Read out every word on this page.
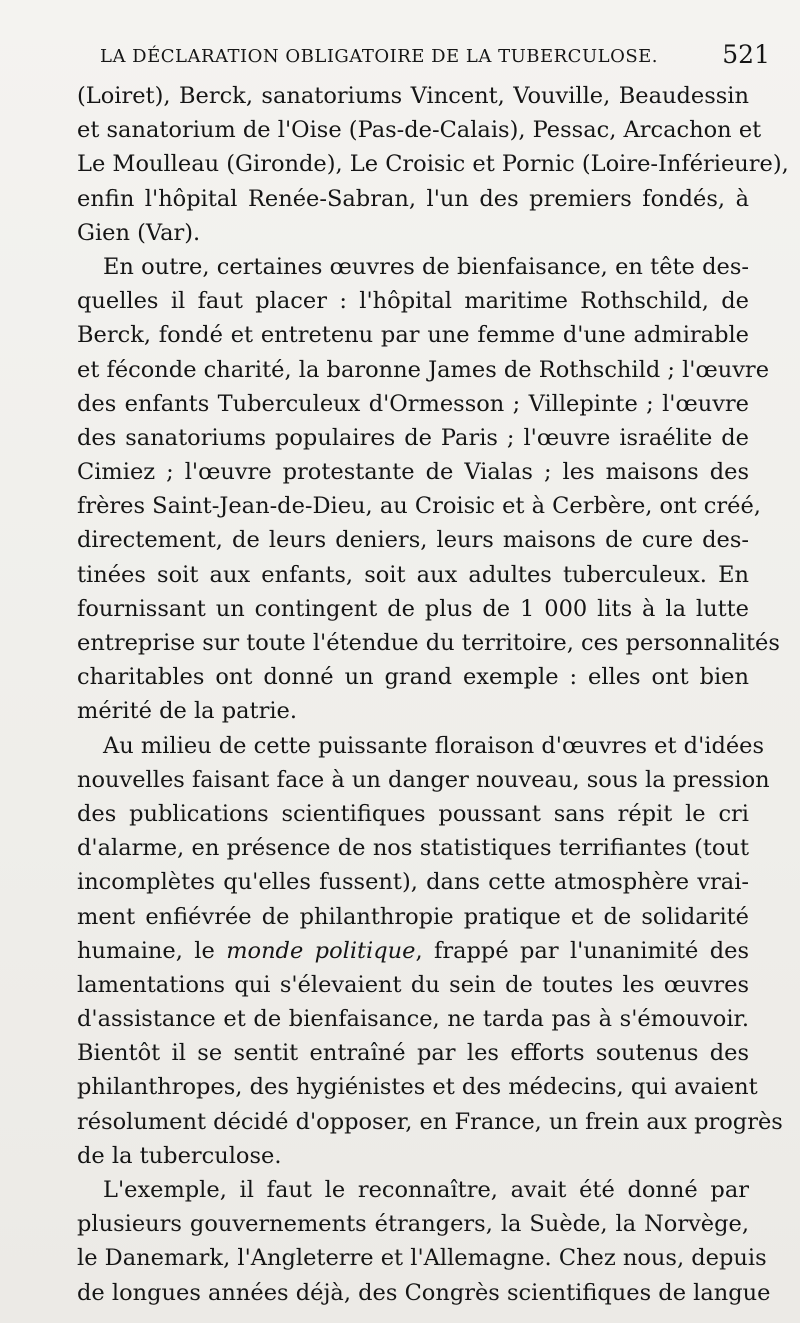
LA DÉCLARATION OBLIGATOIRE DE LA TUBERCULOSE.	521
(Loiret), Berck, sanatoriums Vincent, Vouville, Beaudessin
et sanatorium de l'Oise (Pas-de-Calais), Pessac, Arcachon et
Le Moulleau (Gironde), Le Croisic et Pornic (Loire-Inférieure),
enfin l'hôpital Renée-Sabran, l'un des premiers fondés, à
Gien (Var).
En outre, certaines œuvres de bienfaisance, en tête des-
quelles il faut placer : l'hôpital maritime Rothschild, de
Berck, fondé et entretenu par une femme d'une admirable
et féconde charité, la baronne James de Rothschild ; l'œuvre
des enfants Tuberculeux d'Ormesson ; Villepinte ; l'œuvre
des sanatoriums populaires de Paris ; l'œuvre israélite de
Cimiez ; l'œuvre protestante de Vialas ; les maisons des
frères Saint-Jean-de-Dieu, au Croisic et à Cerbère, ont créé,
directement, de leurs deniers, leurs maisons de cure des-
tinées soit aux enfants, soit aux adultes tuberculeux. En
fournissant un contingent de plus de 1 000 lits à la lutte
entreprise sur toute l'étendue du territoire, ces personnalités
charitables ont donné un grand exemple : elles ont bien
mérité de la patrie.
Au milieu de cette puissante floraison d'œuvres et d'idées
nouvelles faisant face à un danger nouveau, sous la pression
des publications scientifiques poussant sans répit le cri
d'alarme, en présence de nos statistiques terrifiantes (tout
incomplètes qu'elles fussent), dans cette atmosphère vrai-
ment enfiévrée de philanthropie pratique et de solidarité
humaine, le monde politique, frappé par l'unanimité des
lamentations qui s'élevaient du sein de toutes les œuvres
d'assistance et de bienfaisance, ne tarda pas à s'émouvoir.
Bientôt il se sentit entraîné par les efforts soutenus des
philanthropes, des hygiénistes et des médecins, qui avaient
résolument décidé d'opposer, en France, un frein aux progrès
de la tuberculose.
L'exemple, il faut le reconnaître, avait été donné par
plusieurs gouvernements étrangers, la Suède, la Norvège,
le Danemark, l'Angleterre et l'Allemagne. Chez nous, depuis
de longues années déjà, des Congrès scientifiques de langue
